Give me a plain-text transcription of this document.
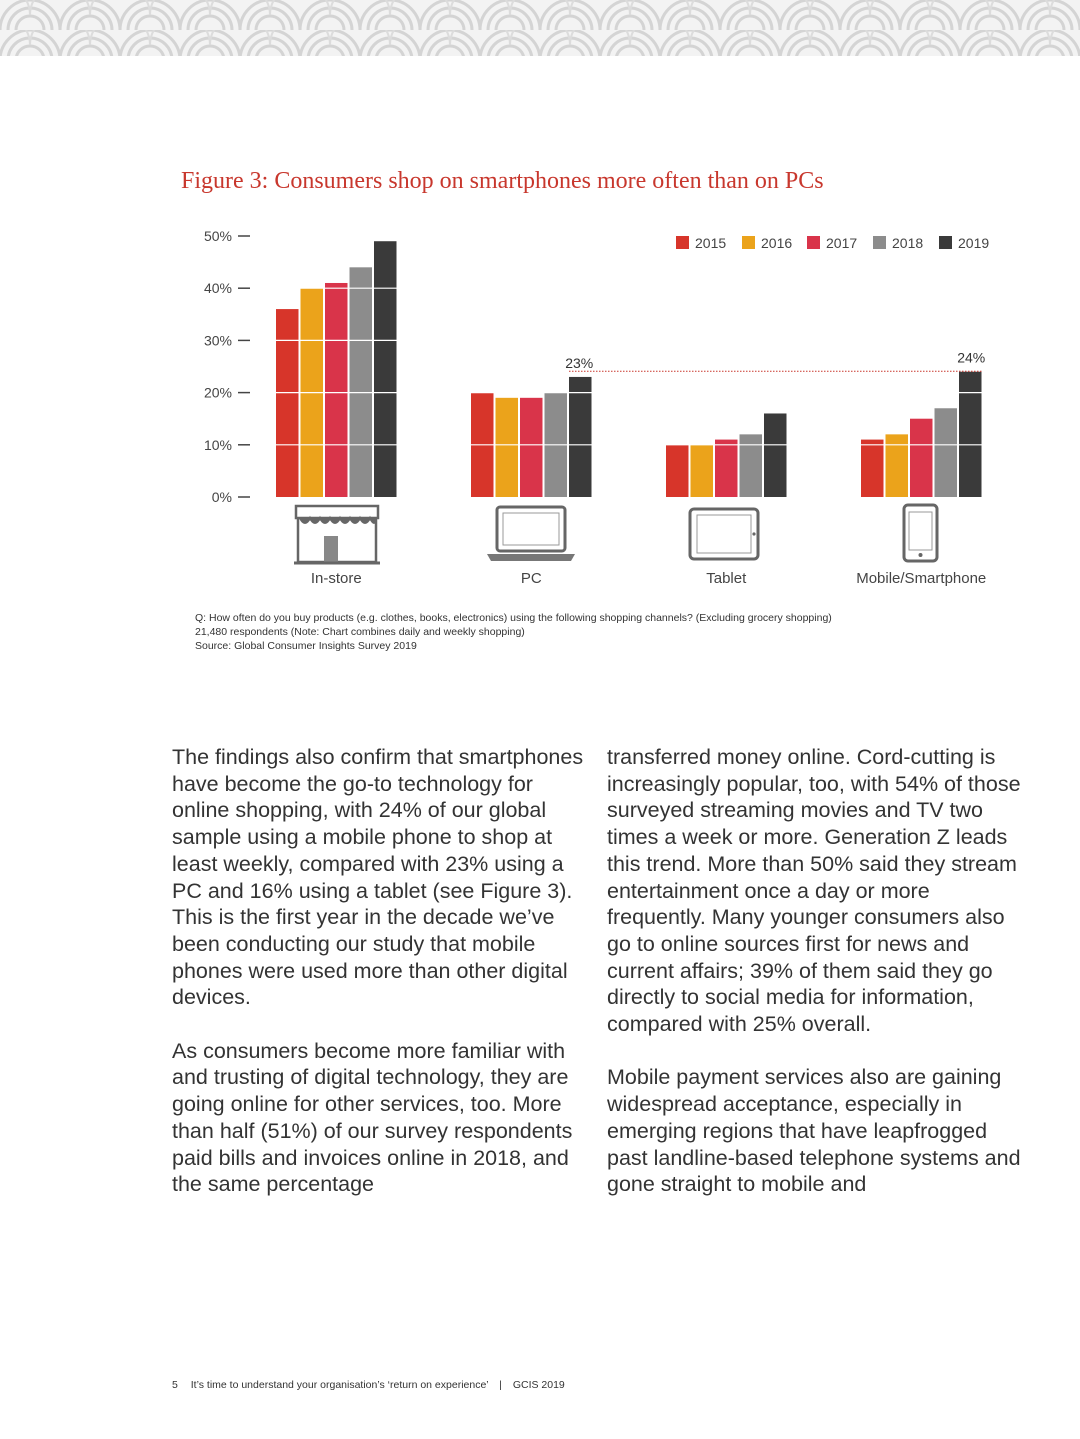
Figure 3: Consumers shop on smartphones more often than on PCs
0%
10%
20%
30%
40%
50%
In-store	PC	Tablet	Mobile/Smartphone
23%	24%
2015 2016 2017 2018 2019
Q: How often do you buy products (e.g. clothes, books, electronics) using the following shopping channels? (Excluding grocery shopping)
21,480 respondents (Note: Chart combines daily and weekly shopping)
Source: Global Consumer Insights Survey 2019

The findings also confirm that smartphones have become the go-to technology for online shopping, with 24% of our global sample using a mobile phone to shop at least weekly, compared with 23% using a PC and 16% using a tablet (see Figure 3). This is the first year in the decade we’ve been conducting our study that mobile phones were used more than other digital devices.

As consumers become more familiar with and trusting of digital technology, they are going online for other services, too. More than half (51%) of our survey respondents paid bills and invoices online in 2018, and the same percentage

transferred money online. Cord-cutting is increasingly popular, too, with 54% of those surveyed streaming movies and TV two times a week or more. Generation Z leads this trend. More than 50% said they stream entertainment once a day or more frequently. Many younger consumers also go to online sources first for news and current affairs; 39% of them said they go directly to social media for information, compared with 25% overall.

Mobile payment services also are gaining widespread acceptance, especially in emerging regions that have leapfrogged past landline-based telephone systems and gone straight to mobile and

5 It’s time to understand your organisation’s ‘return on experience’ | GCIS 2019
